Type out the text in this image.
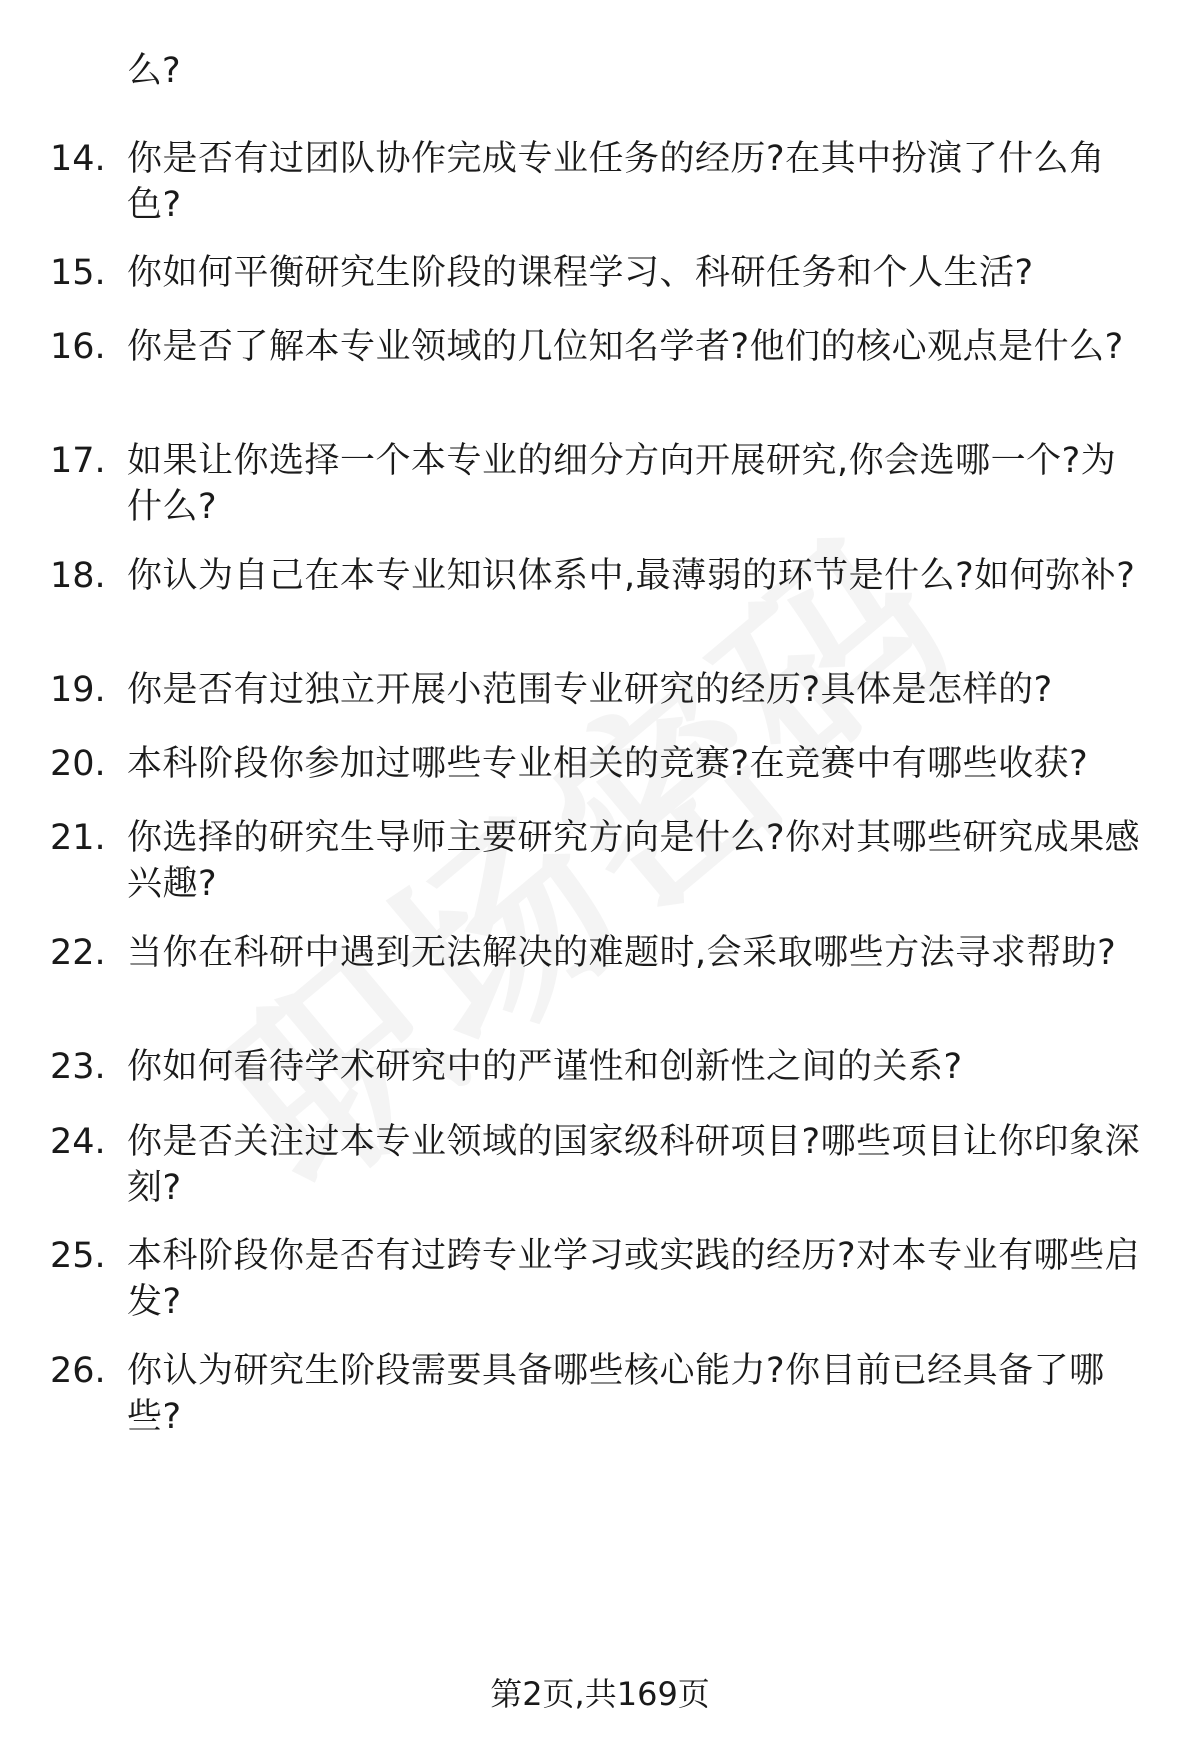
么?
14. 你是否有过团队协作完成专业任务的经历?在其中扮演了什么角色?
15. 你如何平衡研究生阶段的课程学习、科研任务和个人生活?
16. 你是否了解本专业领域的几位知名学者?他们的核心观点是什么?
17. 如果让你选择一个本专业的细分方向开展研究,你会选哪一个?为什么?
18. 你认为自己在本专业知识体系中,最薄弱的环节是什么?如何弥补?
19. 你是否有过独立开展小范围专业研究的经历?具体是怎样的?
20. 本科阶段你参加过哪些专业相关的竞赛?在竞赛中有哪些收获?
21. 你选择的研究生导师主要研究方向是什么?你对其哪些研究成果感兴趣?
22. 当你在科研中遇到无法解决的难题时,会采取哪些方法寻求帮助?
23. 你如何看待学术研究中的严谨性和创新性之间的关系?
24. 你是否关注过本专业领域的国家级科研项目?哪些项目让你印象深刻?
25. 本科阶段你是否有过跨专业学习或实践的经历?对本专业有哪些启发?
26. 你认为研究生阶段需要具备哪些核心能力?你目前已经具备了哪些?
第2页,共169页
